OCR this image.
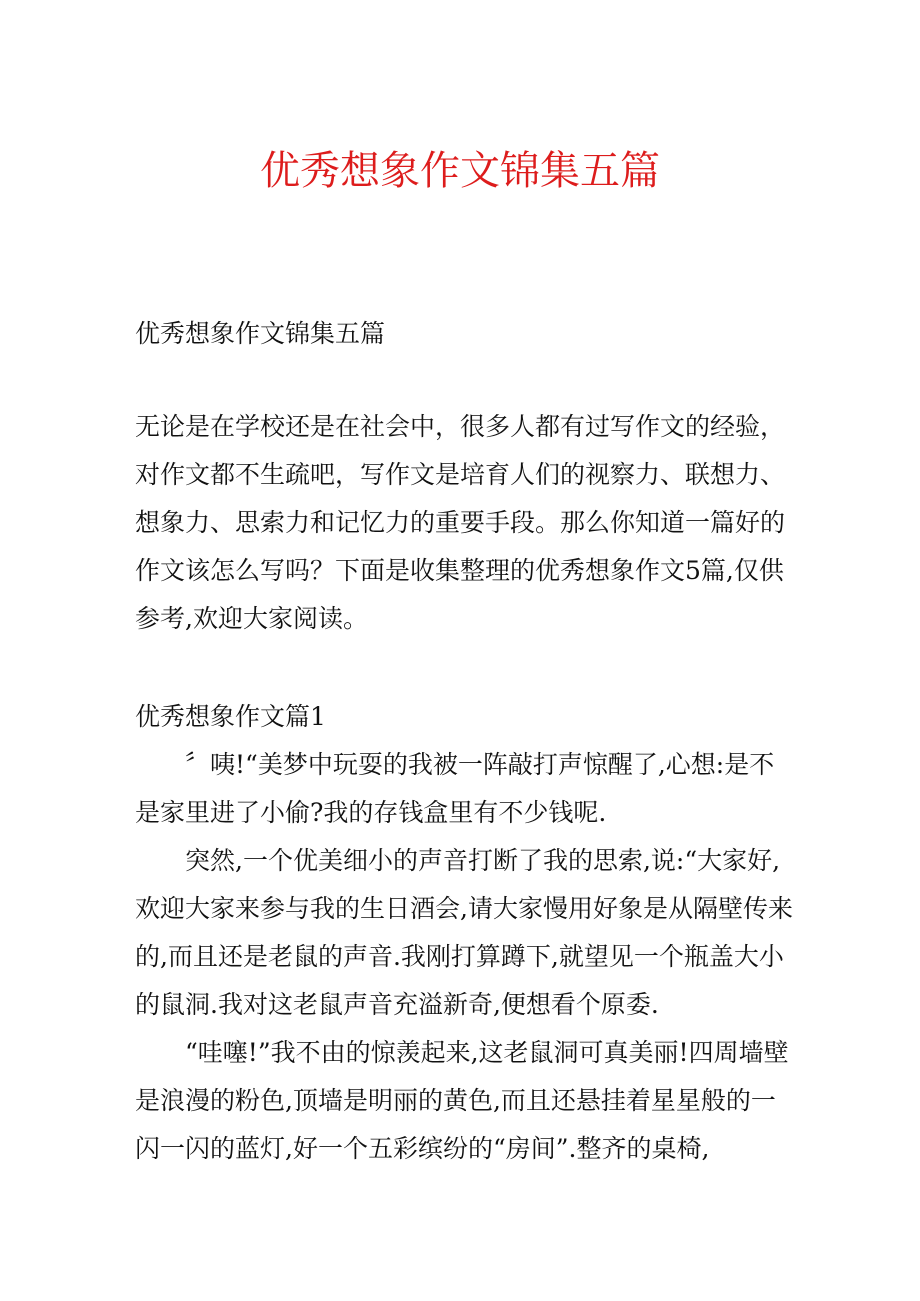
优秀想象作文锦集五篇

优秀想象作文锦集五篇

无论是在学校还是在社会中，很多人都有过写作文的经验，对作文都不生疏吧，写作文是培育人们的视察力、联想力、想象力、思索力和记忆力的重要手段。那么你知道一篇好的作文该怎么写吗？下面是收集整理的优秀想象作文5篇,仅供参考,欢迎大家阅读。

优秀想象作文篇1

〞咦!“美梦中玩耍的我被一阵敲打声惊醒了,心想:是不是家里进了小偷?我的存钱盒里有不少钱呢.

突然,一个优美细小的声音打断了我的思索,说:“大家好,欢迎大家来参与我的生日酒会,请大家慢用好象是从隔壁传来的,而且还是老鼠的声音.我刚打算蹲下,就望见一个瓶盖大小的鼠洞.我对这老鼠声音充溢新奇,便想看个原委.

“哇噻!”我不由的惊羡起来,这老鼠洞可真美丽!四周墙壁是浪漫的粉色,顶墙是明丽的黄色,而且还悬挂着星星般的一闪一闪的蓝灯,好一个五彩缤纷的“房间”.整齐的桌椅,
